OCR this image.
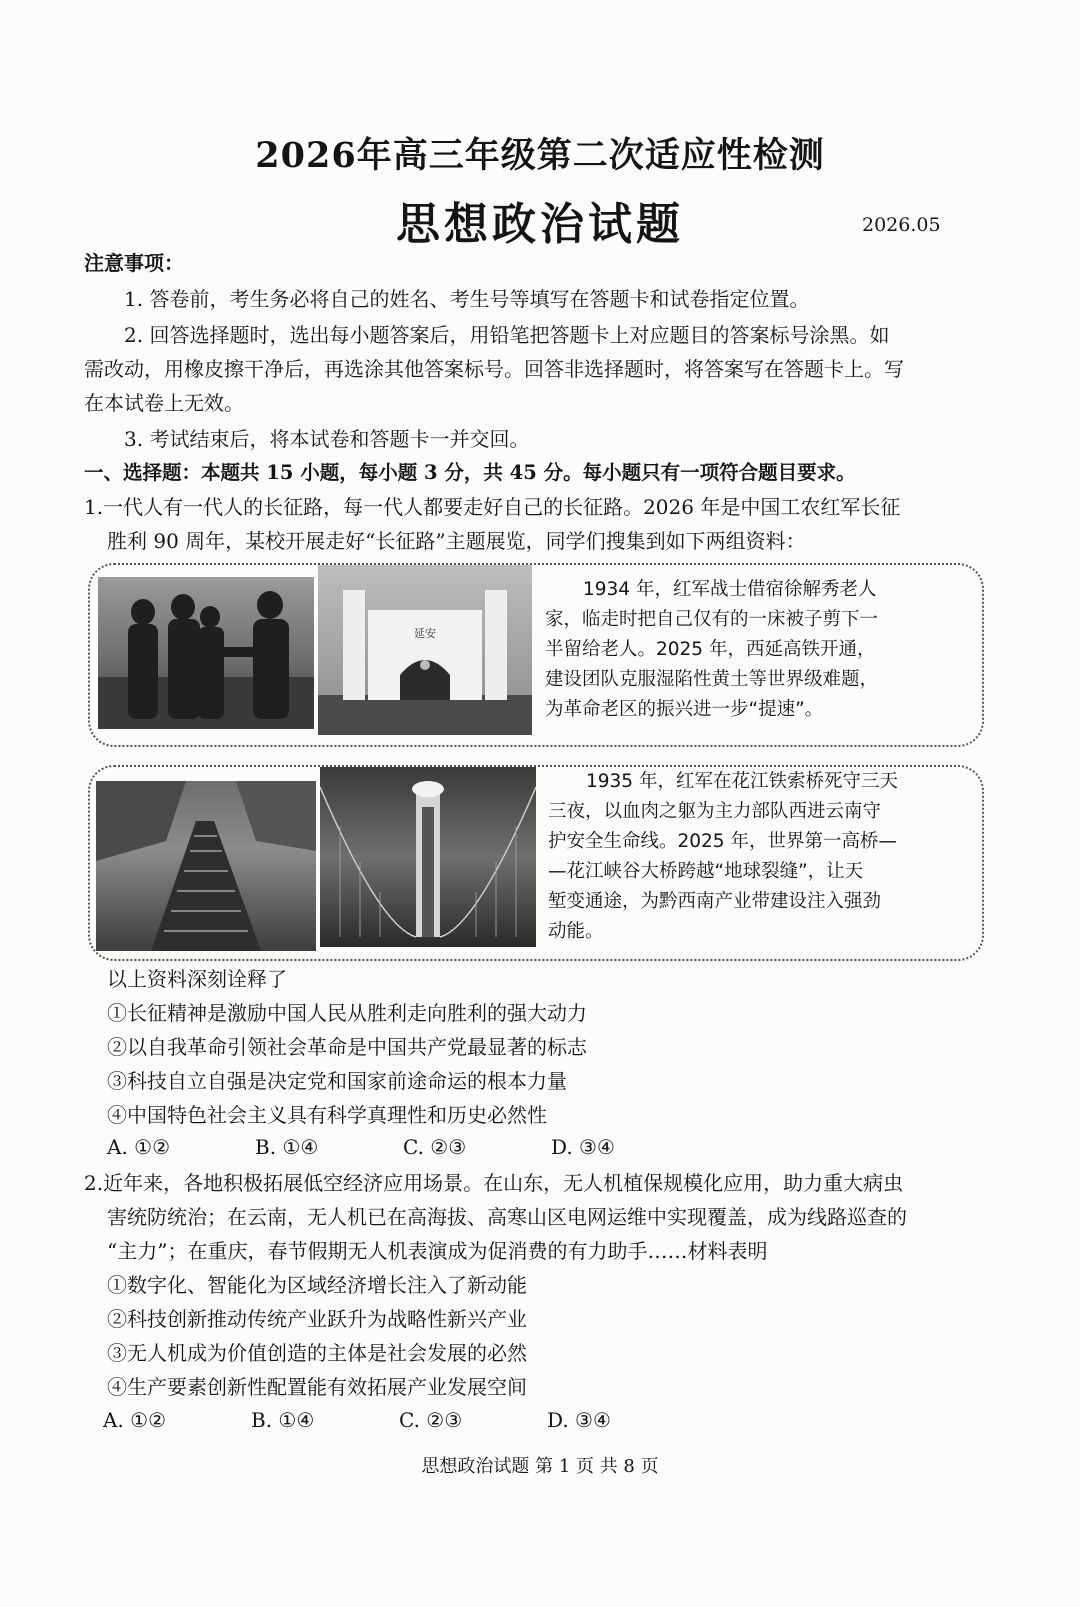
2026年高三年级第二次适应性检测
思想政治试题	2026.05
注意事项：
1. 答卷前，考生务必将自己的姓名、考生号等填写在答题卡和试卷指定位置。
2. 回答选择题时，选出每小题答案后，用铅笔把答题卡上对应题目的答案标号涂黑。如
需改动，用橡皮擦干净后，再选涂其他答案标号。回答非选择题时，将答案写在答题卡上。写
在本试卷上无效。
3. 考试结束后，将本试卷和答题卡一并交回。
一、选择题：本题共 15 小题，每小题 3 分，共 45 分。每小题只有一项符合题目要求。
1.一代人有一代人的长征路，每一代人都要走好自己的长征路。2026 年是中国工农红军长征
胜利 90 周年，某校开展走好“长征路”主题展览，同学们搜集到如下两组资料：
延安
1934 年，红军战士借宿徐解秀老人
家，临走时把自己仅有的一床被子剪下一
半留给老人。2025 年，西延高铁开通，
建设团队克服湿陷性黄土等世界级难题，
为革命老区的振兴进一步“提速”。
1935 年，红军在花江铁索桥死守三天
三夜，以血肉之躯为主力部队西进云南守
护安全生命线。2025 年，世界第一高桥—
—花江峡谷大桥跨越“地球裂缝”，让天
堑变通途，为黔西南产业带建设注入强劲
动能。
以上资料深刻诠释了
①长征精神是激励中国人民从胜利走向胜利的强大动力
②以自我革命引领社会革命是中国共产党最显著的标志
③科技自立自强是决定党和国家前途命运的根本力量
④中国特色社会主义具有科学真理性和历史必然性
A. ①②	B. ①④	C. ②③	D. ③④
2.近年来，各地积极拓展低空经济应用场景。在山东，无人机植保规模化应用，助力重大病虫
害统防统治；在云南，无人机已在高海拔、高寒山区电网运维中实现覆盖，成为线路巡查的
“主力”；在重庆，春节假期无人机表演成为促消费的有力助手……材料表明
①数字化、智能化为区域经济增长注入了新动能
②科技创新推动传统产业跃升为战略性新兴产业
③无人机成为价值创造的主体是社会发展的必然
④生产要素创新性配置能有效拓展产业发展空间
A. ①②	B. ①④	C. ②③	D. ③④
思想政治试题 第 1 页 共 8 页
